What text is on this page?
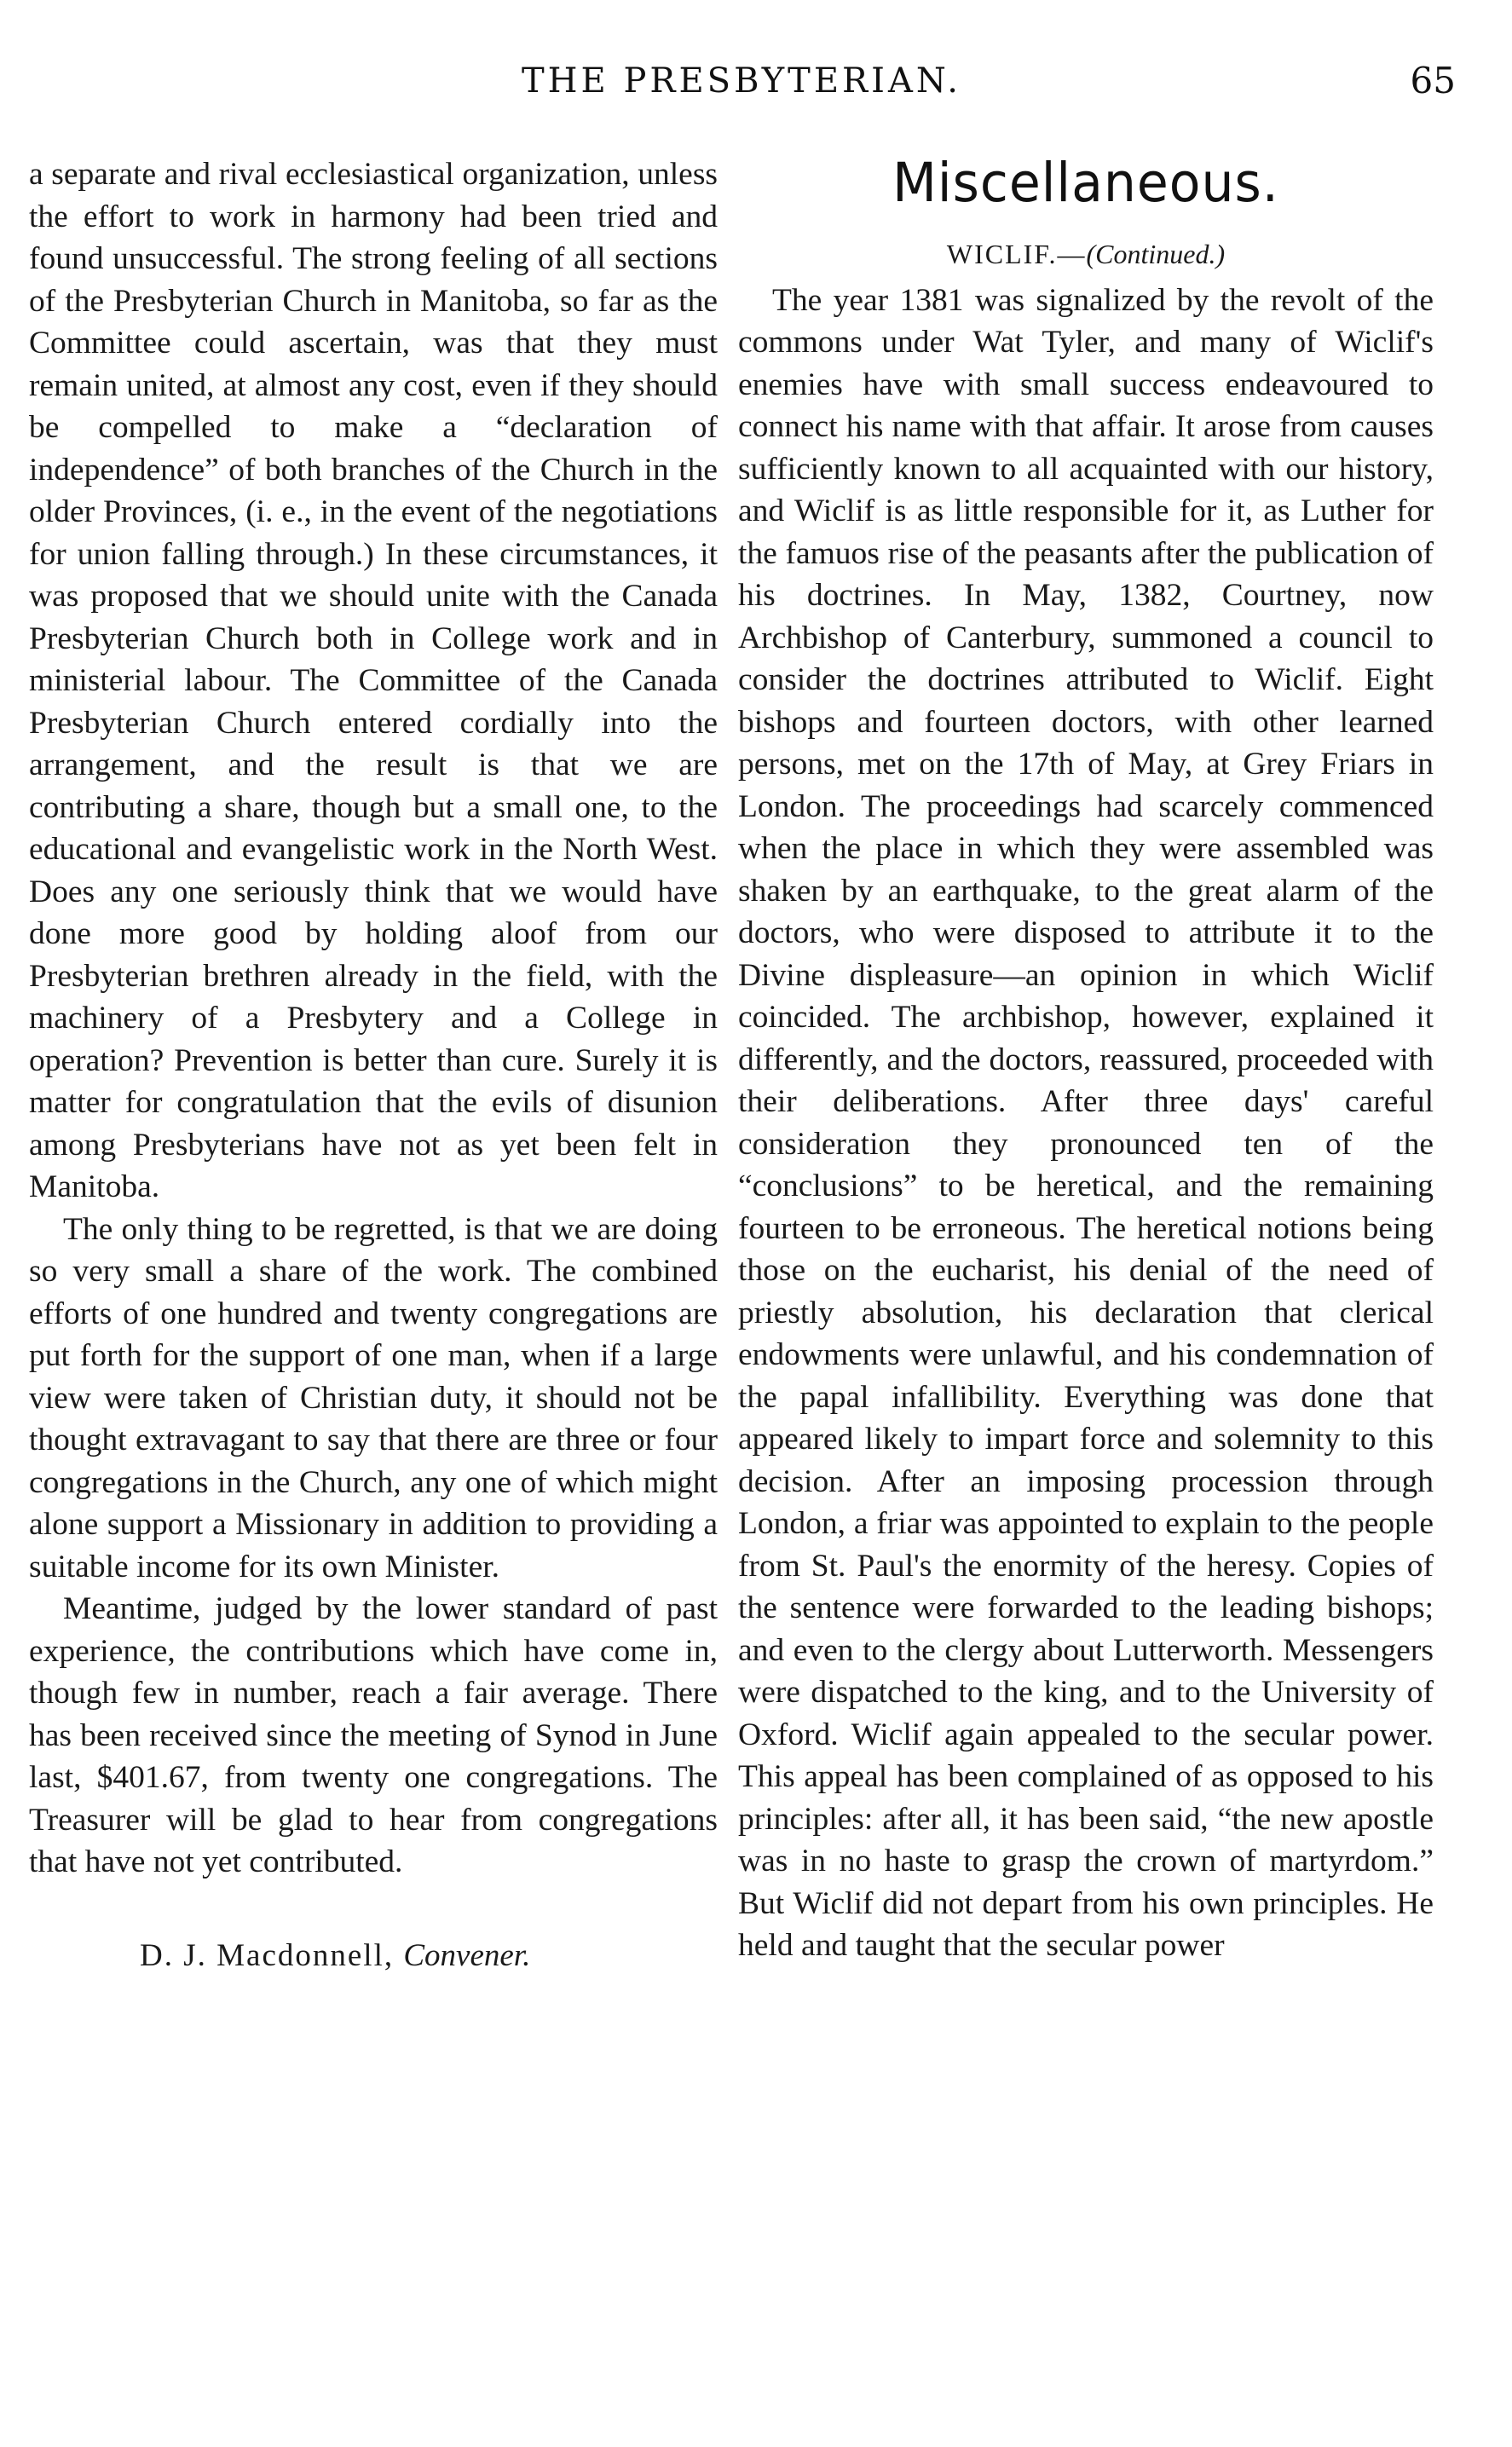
THE PRESBYTERIAN.	65

a separate and rival ecclesiastical organization, unless the effort to work in harmony had been tried and found unsuccessful. The strong feeling of all sections of the Presbyterian Church in Manitoba, so far as the Committee could ascertain, was that they must remain united, at almost any cost, even if they should be compelled to make a “declaration of independence” of both branches of the Church in the older Provinces, (i. e., in the event of the negotiations for union falling through.) In these circumstances, it was proposed that we should unite with the Canada Presbyterian Church both in College work and in ministerial labour. The Committee of the Canada Presbyterian Church entered cordially into the arrangement, and the result is that we are contributing a share, though but a small one, to the educational and evangelistic work in the North West. Does any one seriously think that we would have done more good by holding aloof from our Presbyterian brethren already in the field, with the machinery of a Presbytery and a College in operation? Prevention is better than cure. Surely it is matter for congratulation that the evils of disunion among Presbyterians have not as yet been felt in Manitoba.

The only thing to be regretted, is that we are doing so very small a share of the work. The combined efforts of one hundred and twenty congregations are put forth for the support of one man, when if a large view were taken of Christian duty, it should not be thought extravagant to say that there are three or four congregations in the Church, any one of which might alone support a Missionary in addition to providing a suitable income for its own Minister.

Meantime, judged by the lower standard of past experience, the contributions which have come in, though few in number, reach a fair average. There has been received since the meeting of Synod in June last, $401.67, from twenty one congregations. The Treasurer will be glad to hear from congregations that have not yet contributed.

D. J. Macdonnell, Convener.
Miscellaneous.
WICLIF.—(Continued.)

The year 1381 was signalized by the revolt of the commons under Wat Tyler, and many of Wiclif's enemies have with small success endeavoured to connect his name with that affair. It arose from causes sufficiently known to all acquainted with our history, and Wiclif is as little responsible for it, as Luther for the famuos rise of the peasants after the publication of his doctrines. In May, 1382, Courtney, now Archbishop of Canterbury, summoned a council to consider the doctrines attributed to Wiclif. Eight bishops and fourteen doctors, with other learned persons, met on the 17th of May, at Grey Friars in London. The proceedings had scarcely commenced when the place in which they were assembled was shaken by an earthquake, to the great alarm of the doctors, who were disposed to attribute it to the Divine displeasure—an opinion in which Wiclif coincided. The archbishop, however, explained it differently, and the doctors, reassured, proceeded with their deliberations. After three days' careful consideration they pronounced ten of the “conclusions” to be heretical, and the remaining fourteen to be erroneous. The heretical notions being those on the eucharist, his denial of the need of priestly absolution, his declaration that clerical endowments were unlawful, and his condemnation of the papal infallibility. Everything was done that appeared likely to impart force and solemnity to this decision. After an imposing procession through London, a friar was appointed to explain to the people from St. Paul's the enormity of the heresy. Copies of the sentence were forwarded to the leading bishops; and even to the clergy about Lutterworth. Messengers were dispatched to the king, and to the University of Oxford. Wiclif again appealed to the secular power. This appeal has been complained of as opposed to his principles: after all, it has been said, “the new apostle was in no haste to grasp the crown of martyrdom.” But Wiclif did not depart from his own principles. He held and taught that the secular power
